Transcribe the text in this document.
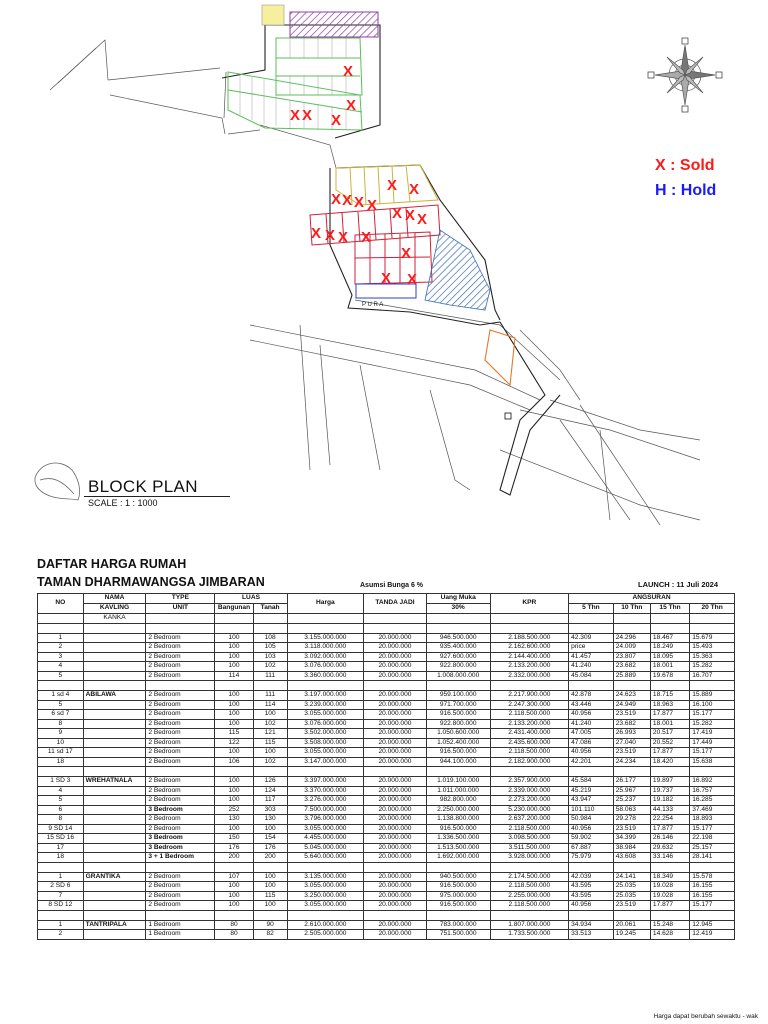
X
X
X X X
X X
X X X X X X X
X X X X
X
X X
P U R A
X : Sold
H : Hold
BLOCK PLAN
SCALE : 1 : 1000
DAFTAR HARGA RUMAH
TAMAN DHARMAWANGSA JIMBARAN	Asumsi Bunga 6 %	LAUNCH : 11 Juli 2024
NO	NAMA	TYPE	LUAS		Harga	TANDA JADI	Uang Muka	KPR	ANGSURAN			
	KAVLING	UNIT	Bangunan	Tanah			30%		5 Thn	10 Thn	15 Thn	20 Thn
	KANKA											

1		2 Bedroom	100	108	3.155.000.000	20.000.000	946.500.000	2.188.500.000	42.309	24.296	18.467	15.679
2		2 Bedroom	100	105	3.118.000.000	20.000.000	935.400.000	2.162.600.000	price	24.009	18.249	15.493
3		2 Bedroom	100	103	3.092.000.000	20.000.000	927.600.000	2.144.400.000	41.457	23.807	18.095	15.363
4		2 Bedroom	100	102	3.076.000.000	20.000.000	922.800.000	2.133.200.000	41.240	23.682	18.001	15.282
5		2 Bedroom	114	111	3.360.000.000	20.000.000	1.008.000.000	2.332.000.000	45.084	25.889	19.678	16.707

1 sd 4	ABILAWA	2 Bedroom	100	111	3.197.000.000	20.000.000	959.100.000	2.217.900.000	42.878	24.623	18.715	15.889
5		2 Bedroom	100	114	3.239.000.000	20.000.000	971.700.000	2.247.300.000	43.446	24.949	18.963	16.100
6 sd 7		2 Bedroom	100	100	3.055.000.000	20.000.000	916.500.000	2.118.500.000	40.956	23.519	17.877	15.177
8		2 Bedroom	100	102	3.076.000.000	20.000.000	922.800.000	2.133.200.000	41.240	23.682	18.001	15.282
9		2 Bedroom	115	121	3.502.000.000	20.000.000	1.050.600.000	2.431.400.000	47.005	26.993	20.517	17.419
10		2 Bedroom	122	115	3.508.000.000	20.000.000	1.052.400.000	2.435.600.000	47.086	27.040	20.552	17.449
11 sd 17		2 Bedroom	100	100	3.055.000.000	20.000.000	916.500.000	2.118.500.000	40.956	23.519	17.877	15.177
18		2 Bedroom	106	102	3.147.000.000	20.000.000	944.100.000	2.182.900.000	42.201	24.234	18.420	15.638

1 SD 3	WREHATNALA	2 Bedroom	100	126	3.397.000.000	20.000.000	1.019.100.000	2.357.900.000	45.584	26.177	19.897	16.892
4		2 Bedroom	100	124	3.370.000.000	20.000.000	1.011.000.000	2.339.000.000	45.219	25.967	19.737	16.757
5		2 Bedroom	100	117	3.276.000.000	20.000.000	982.800.000	2.273.200.000	43.947	25.237	19.182	16.285
6		3 Bedroom	252	303	7.500.000.000	20.000.000	2.250.000.000	5.230.000.000	101.110	58.063	44.133	37.469
8		2 Bedroom	130	130	3.796.000.000	20.000.000	1.138.800.000	2.637.200.000	50.984	29.278	22.254	18.893
9 SD 14		2 Bedroom	100	100	3.055.000.000	20.000.000	916.500.000	2.118.500.000	40.956	23.519	17.877	15.177
15 SD 16		3 Bedroom	150	154	4.455.000.000	20.000.000	1.336.500.000	3.098.500.000	59.902	34.399	26.146	22.198
17		3 Bedroom	176	176	5.045.000.000	20.000.000	1.513.500.000	3.511.500.000	67.887	38.984	29.632	25.157
18		3 + 1 Bedroom	200	200	5.640.000.000	20.000.000	1.692.000.000	3.928.000.000	75.979	43.608	33.146	28.141

1	GRANTIKA	2 Bedroom	107	100	3.135.000.000	20.000.000	940.500.000	2.174.500.000	42.039	24.141	18.349	15.578
2 SD 6		2 Bedroom	100	100	3.055.000.000	20.000.000	916.500.000	2.118.500.000	43.595	25.035	19.028	16.155
7		2 Bedroom	100	115	3.250.000.000	20.000.000	975.000.000	2.255.000.000	43.595	25.035	19.028	16.155
8 SD 12		2 Bedroom	100	100	3.055.000.000	20.000.000	916.500.000	2.118.500.000	40.956	23.519	17.877	15.177

1	TANTRIPALA	1 Bedroom	80	90	2.610.000.000	20.000.000	783.000.000	1.807.000.000	34.934	20.061	15.248	12.945
2		1 Bedroom	80	82	2.505.000.000	20.000.000	751.500.000	1.733.500.000	33.513	19.245	14.628	12.419
Harga dapat berubah sewaktu - wak
